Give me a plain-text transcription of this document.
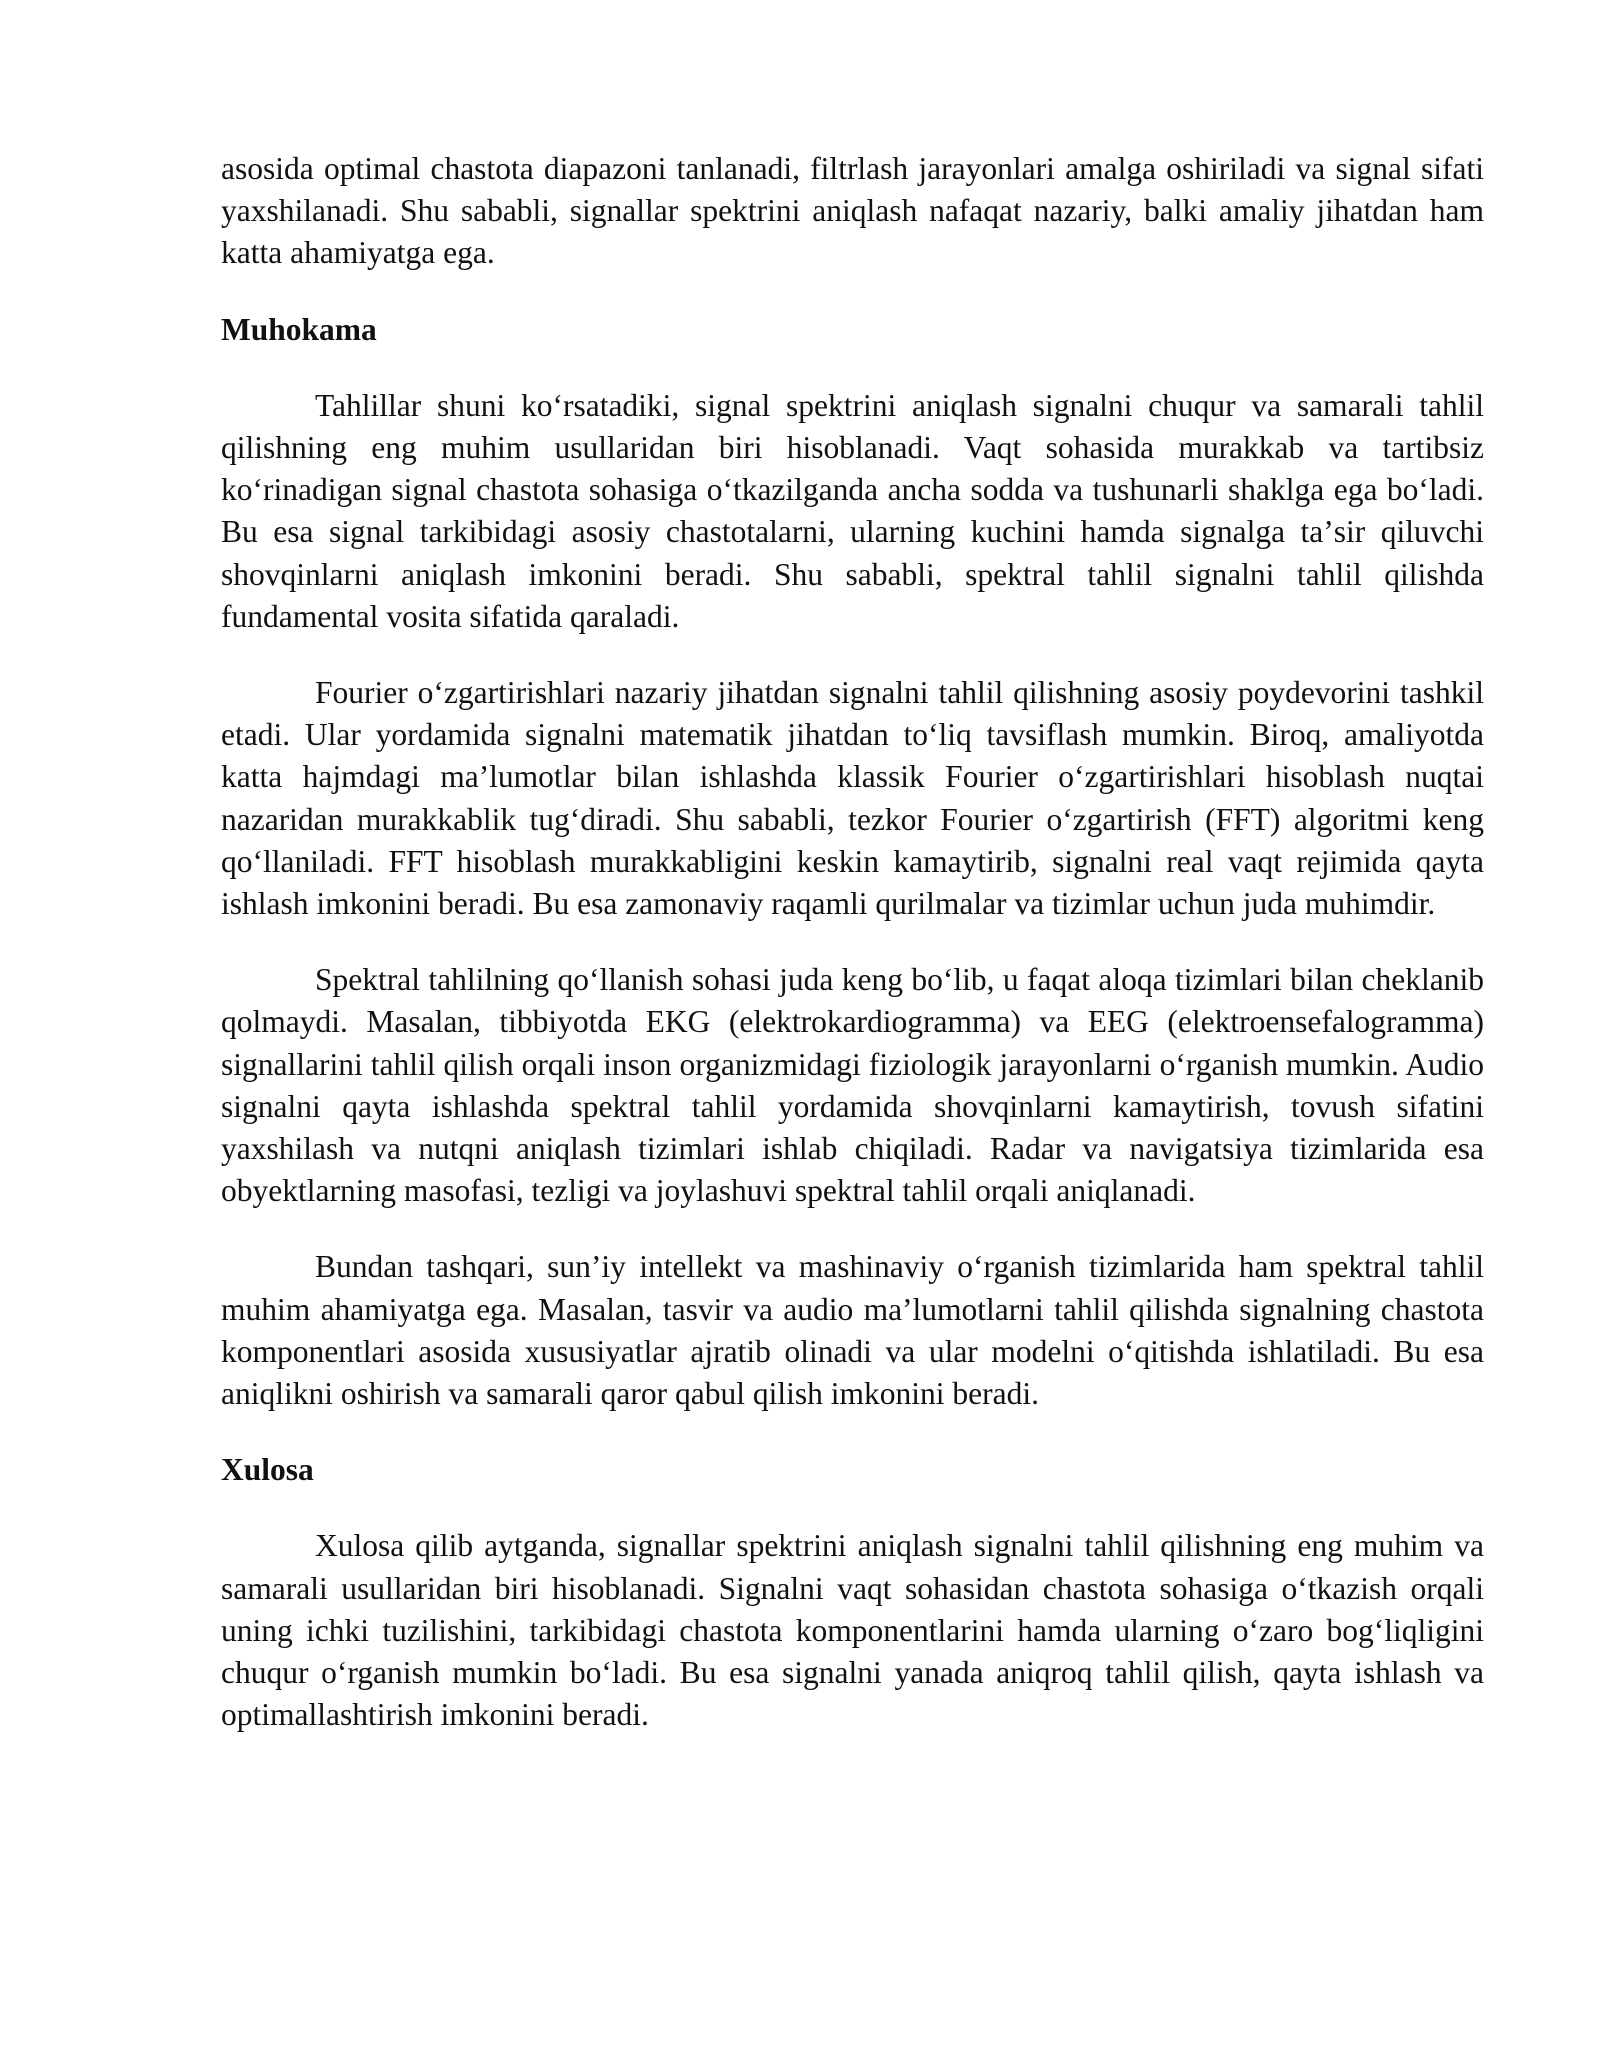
asosida optimal chastota diapazoni tanlanadi, filtrlash jarayonlari amalga oshiriladi va signal sifati yaxshilanadi. Shu sababli, signallar spektrini aniqlash nafaqat nazariy, balki amaliy jihatdan ham katta ahamiyatga ega.

Muhokama

Tahlillar shuni koʻrsatadiki, signal spektrini aniqlash signalni chuqur va samarali tahlil qilishning eng muhim usullaridan biri hisoblanadi. Vaqt sohasida murakkab va tartibsiz koʻrinadigan signal chastota sohasiga oʻtkazilganda ancha sodda va tushunarli shaklga ega boʻladi. Bu esa signal tarkibidagi asosiy chastotalarni, ularning kuchini hamda signalga taʼsir qiluvchi shovqinlarni aniqlash imkonini beradi. Shu sababli, spektral tahlil signalni tahlil qilishda fundamental vosita sifatida qaraladi.

Fourier oʻzgartirishlari nazariy jihatdan signalni tahlil qilishning asosiy poydevorini tashkil etadi. Ular yordamida signalni matematik jihatdan toʻliq tavsiflash mumkin. Biroq, amaliyotda katta hajmdagi maʼlumotlar bilan ishlashda klassik Fourier oʻzgartirishlari hisoblash nuqtai nazaridan murakkablik tugʻdiradi. Shu sababli, tezkor Fourier oʻzgartirish (FFT) algoritmi keng qoʻllaniladi. FFT hisoblash murakkabligini keskin kamaytirib, signalni real vaqt rejimida qayta ishlash imkonini beradi. Bu esa zamonaviy raqamli qurilmalar va tizimlar uchun juda muhimdir.

Spektral tahlilning qoʻllanish sohasi juda keng boʻlib, u faqat aloqa tizimlari bilan cheklanib qolmaydi. Masalan, tibbiyotda EKG (elektrokardiogramma) va EEG (elektroensefalogramma) signallarini tahlil qilish orqali inson organizmidagi fiziologik jarayonlarni oʻrganish mumkin. Audio signalni qayta ishlashda spektral tahlil yordamida shovqinlarni kamaytirish, tovush sifatini yaxshilash va nutqni aniqlash tizimlari ishlab chiqiladi. Radar va navigatsiya tizimlarida esa obyektlarning masofasi, tezligi va joylashuvi spektral tahlil orqali aniqlanadi.

Bundan tashqari, sunʼiy intellekt va mashinaviy oʻrganish tizimlarida ham spektral tahlil muhim ahamiyatga ega. Masalan, tasvir va audio maʼlumotlarni tahlil qilishda signalning chastota komponentlari asosida xususiyatlar ajratib olinadi va ular modelni oʻqitishda ishlatiladi. Bu esa aniqlikni oshirish va samarali qaror qabul qilish imkonini beradi.

Xulosa

Xulosa qilib aytganda, signallar spektrini aniqlash signalni tahlil qilishning eng muhim va samarali usullaridan biri hisoblanadi. Signalni vaqt sohasidan chastota sohasiga oʻtkazish orqali uning ichki tuzilishini, tarkibidagi chastota komponentlarini hamda ularning oʻzaro bogʻliqligini chuqur oʻrganish mumkin boʻladi. Bu esa signalni yanada aniqroq tahlil qilish, qayta ishlash va optimallashtirish imkonini beradi.
